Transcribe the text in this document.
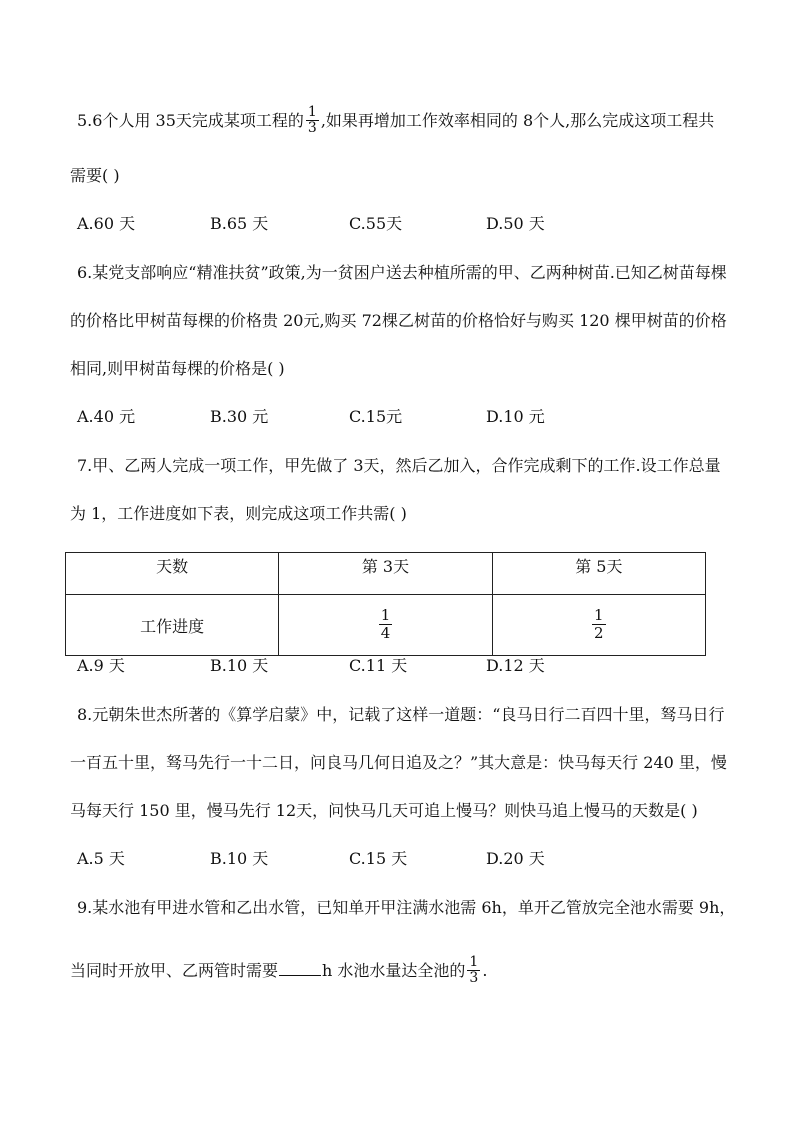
5.6个人用 35天完成某项工程的 $\frac{1}{3}$ ,如果再增加工作效率相同的 8个人,那么完成这项工程共
需要( )
A.60 天	B.65 天	C.55天	D.50 天
6.某党支部响应“精准扶贫”政策,为一贫困户送去种植所需的甲、乙两种树苗.已知乙树苗每棵
的价格比甲树苗每棵的价格贵 20元,购买 72棵乙树苗的价格恰好与购买 120 棵甲树苗的价格
相同,则甲树苗每棵的价格是( )
A.40 元	B.30 元	C.15元	D.10 元
7.甲、乙两人完成一项工作，甲先做了 3天，然后乙加入，合作完成剩下的工作.设工作总量
为 1，工作进度如下表，则完成这项工作共需( )
天数	第 3天	第 5天
工作进度	$\frac{1}{4}$	$\frac{1}{2}$
A.9 天	B.10 天	C.11 天	D.12 天
8.元朝朱世杰所著的《算学启蒙》中，记载了这样一道题：“良马日行二百四十里，驽马日行
一百五十里，驽马先行一十二日，问良马几何日追及之？”其大意是：快马每天行 240 里，慢
马每天行 150 里，慢马先行 12天，问快马几天可追上慢马？则快马追上慢马的天数是( )
A.5 天	B.10 天	C.15 天	D.20 天
9.某水池有甲进水管和乙出水管，已知单开甲注满水池需 6h，单开乙管放完全池水需要 9h，
当同时开放甲、乙两管时需要	h 水池水量达全池的 $\frac{1}{3}$ .
